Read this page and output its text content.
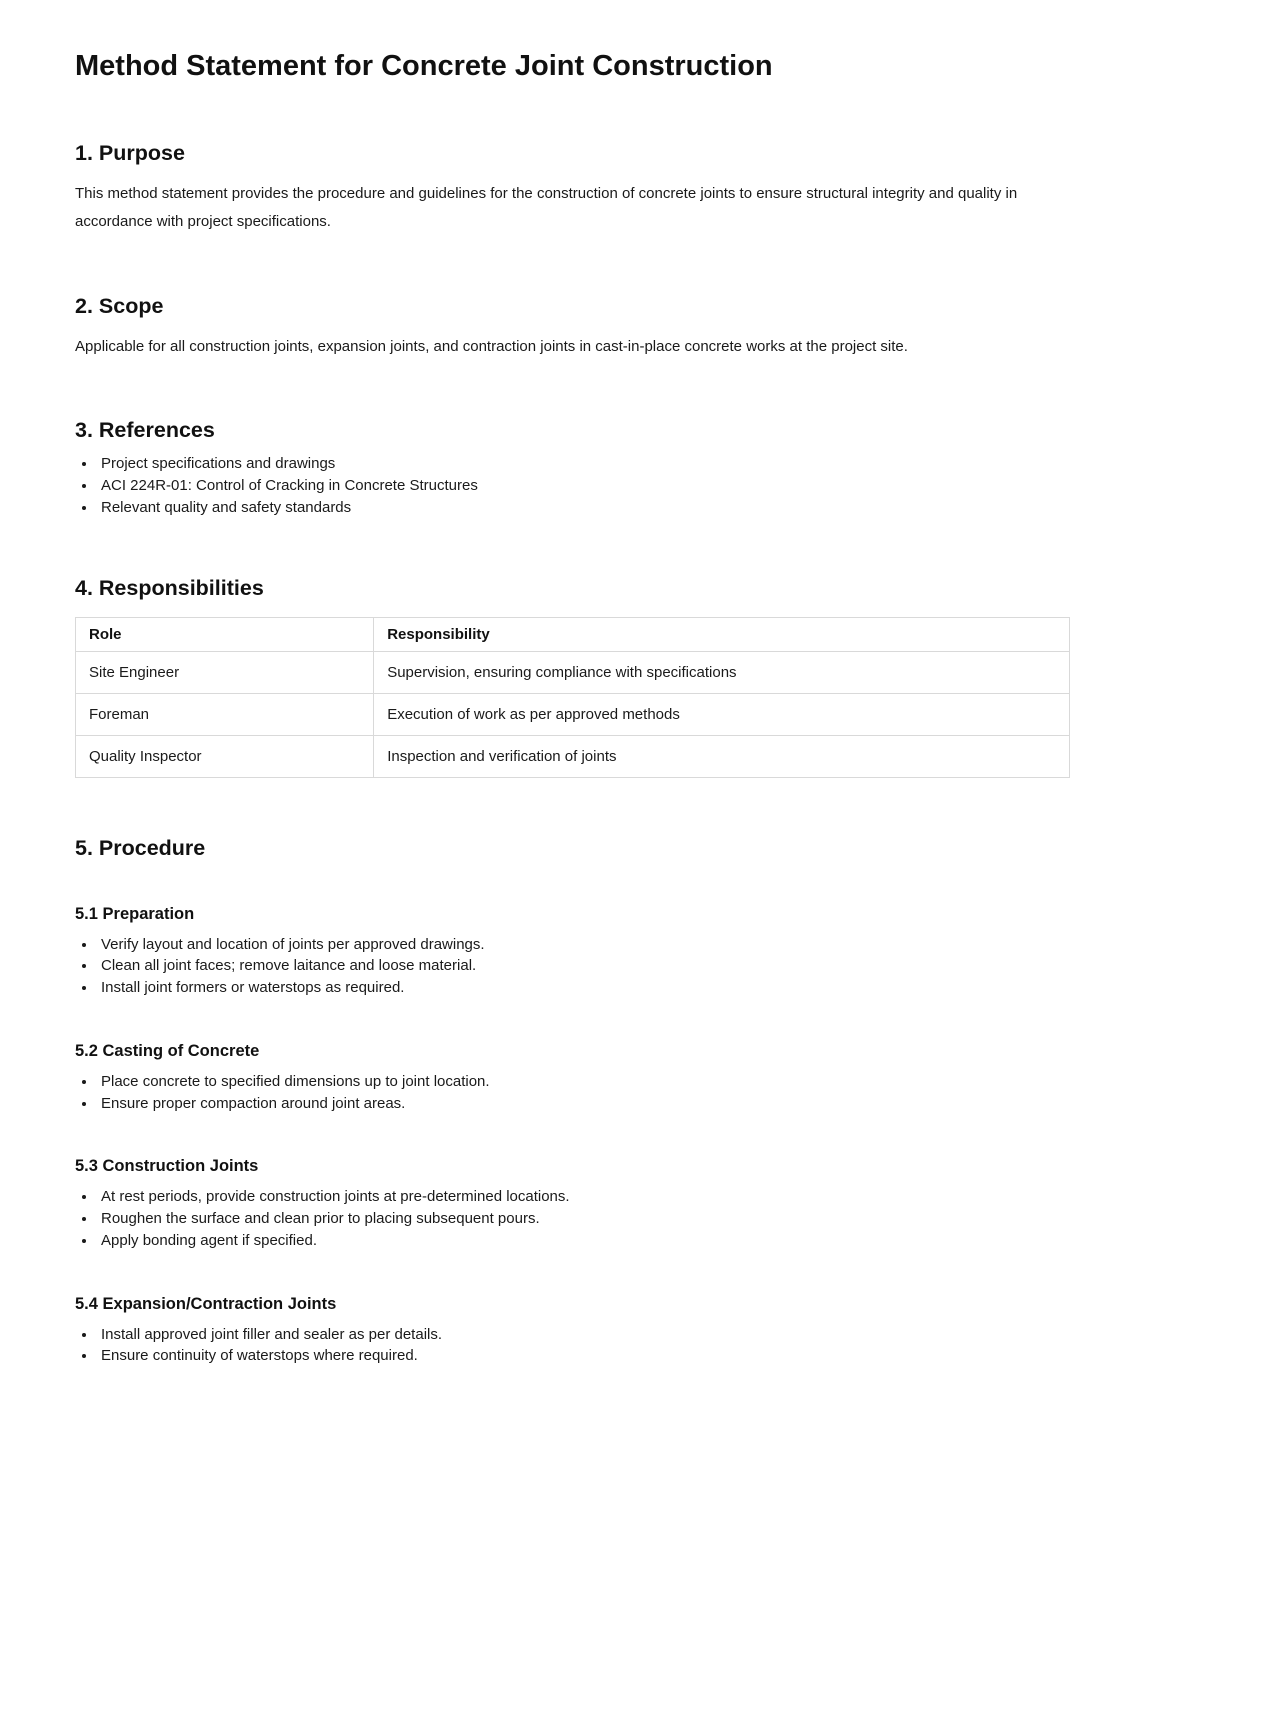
Method Statement for Concrete Joint Construction
1. Purpose

This method statement provides the procedure and guidelines for the construction of concrete joints to ensure structural integrity and quality in accordance with project specifications.

2. Scope

Applicable for all construction joints, expansion joints, and contraction joints in cast-in-place concrete works at the project site.

3. References
• Project specifications and drawings
• ACI 224R-01: Control of Cracking in Concrete Structures
• Relevant quality and safety standards
4. Responsibilities
Role	Responsibility
Site Engineer	Supervision, ensuring compliance with specifications
Foreman	Execution of work as per approved methods
Quality Inspector	Inspection and verification of joints
5. Procedure
5.1 Preparation
• Verify layout and location of joints per approved drawings.
• Clean all joint faces; remove laitance and loose material.
• Install joint formers or waterstops as required.
5.2 Casting of Concrete
• Place concrete to specified dimensions up to joint location.
• Ensure proper compaction around joint areas.
5.3 Construction Joints
• At rest periods, provide construction joints at pre-determined locations.
• Roughen the surface and clean prior to placing subsequent pours.
• Apply bonding agent if specified.
5.4 Expansion/Contraction Joints
• Install approved joint filler and sealer as per details.
• Ensure continuity of waterstops where required.
